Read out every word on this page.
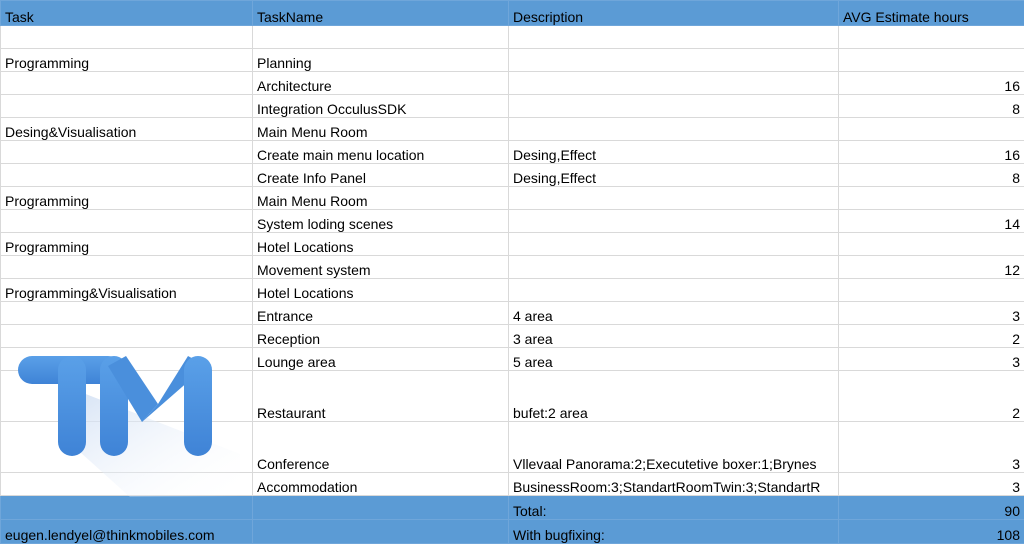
Task	TaskName	Description	AVG Estimate hours

Programming	Planning		
	Architecture		16
	Integration OcculusSDK		8
Desing&Visualisation	Main Menu Room		
	Create main menu location	Desing,Effect	16
	Create Info Panel	Desing,Effect	8
Programming	Main Menu Room		
	System loding scenes		14
Programming	Hotel Locations		
	Movement system		12
Programming&Visualisation	Hotel Locations		
	Entrance	4 area	3
	Reception	3 area	2
	Lounge area	5 area	3
	Restaurant	bufet:2 area	2
	Conference	Vllevaal Panorama:2;Executetive boxer:1;Brynes	3
	Accommodation	BusinessRoom:3;StandartRoomTwin:3;StandartR	3
		Total:	90
eugen.lendyel@thinkmobiles.com		With bugfixing:	108
